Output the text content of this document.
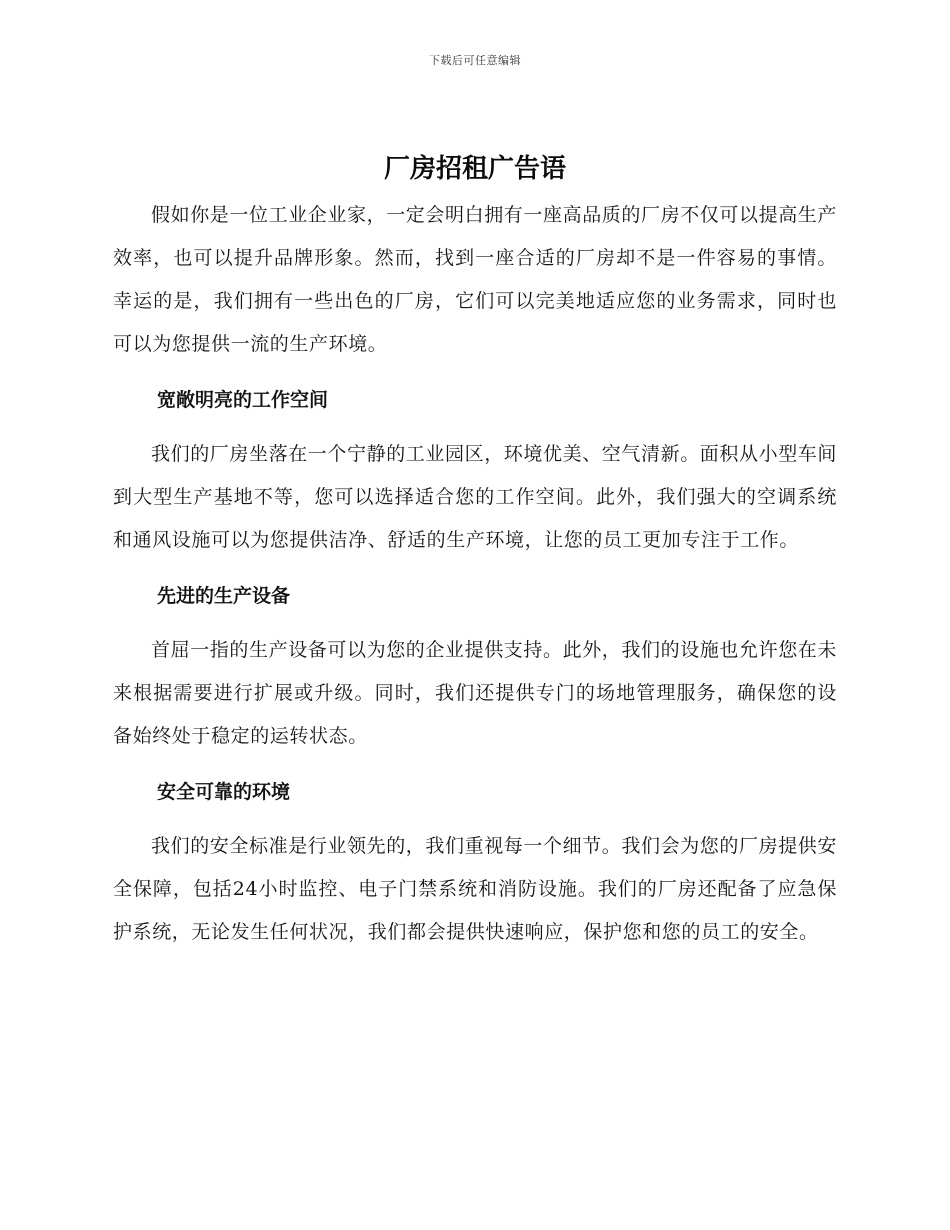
下载后可任意编辑
厂房招租广告语

假如你是一位工业企业家，一定会明白拥有一座高品质的厂房不仅可以提高生产效率，也可以提升品牌形象。然而，找到一座合适的厂房却不是一件容易的事情。幸运的是，我们拥有一些出色的厂房，它们可以完美地适应您的业务需求，同时也可以为您提供一流的生产环境。

宽敞明亮的工作空间

我们的厂房坐落在一个宁静的工业园区，环境优美、空气清新。面积从小型车间到大型生产基地不等，您可以选择适合您的工作空间。此外，我们强大的空调系统和通风设施可以为您提供洁净、舒适的生产环境，让您的员工更加专注于工作。

先进的生产设备

首屈一指的生产设备可以为您的企业提供支持。此外，我们的设施也允许您在未来根据需要进行扩展或升级。同时，我们还提供专门的场地管理服务，确保您的设备始终处于稳定的运转状态。

安全可靠的环境

我们的安全标准是行业领先的，我们重视每一个细节。我们会为您的厂房提供安全保障，包括24小时监控、电子门禁系统和消防设施。我们的厂房还配备了应急保护系统，无论发生任何状况，我们都会提供快速响应，保护您和您的员工的安全。
